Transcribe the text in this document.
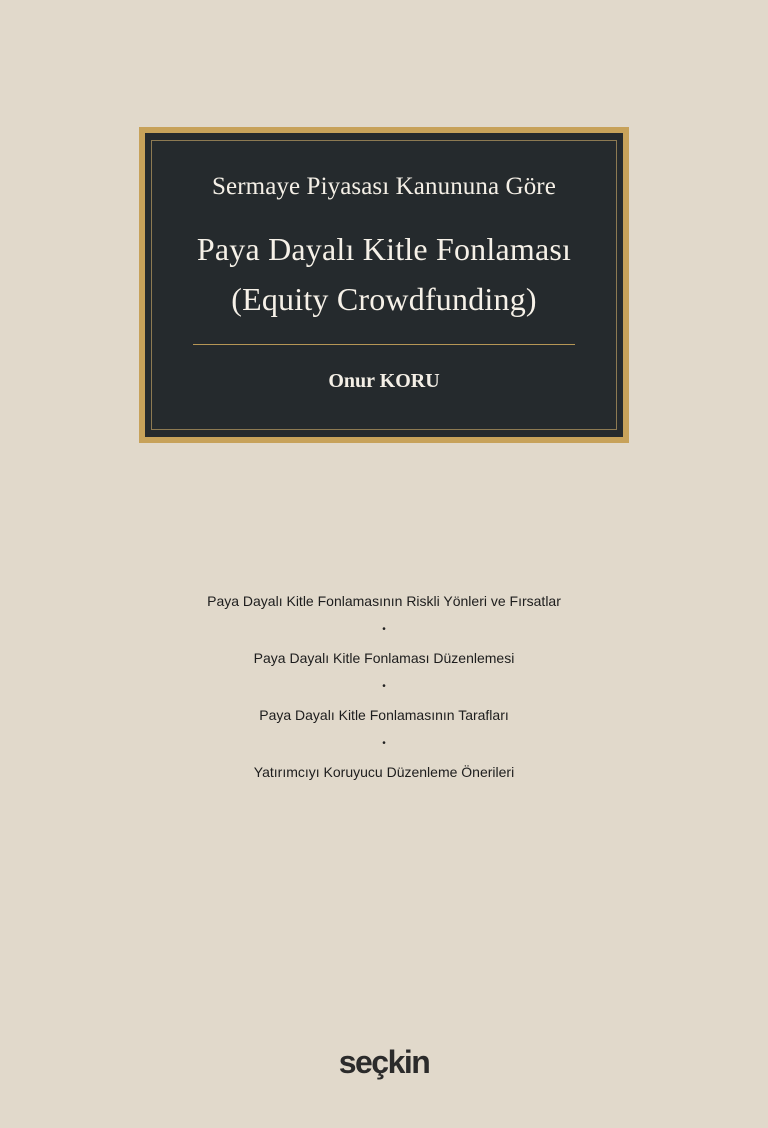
Sermaye Piyasası Kanununa Göre
Paya Dayalı Kitle Fonlaması
(Equity Crowdfunding)
Onur KORU
Paya Dayalı Kitle Fonlamasının Riskli Yönleri ve Fırsatlar
•
Paya Dayalı Kitle Fonlaması Düzenlemesi
•
Paya Dayalı Kitle Fonlamasının Tarafları
•
Yatırımcıyı Koruyucu Düzenleme Önerileri
seçkin
